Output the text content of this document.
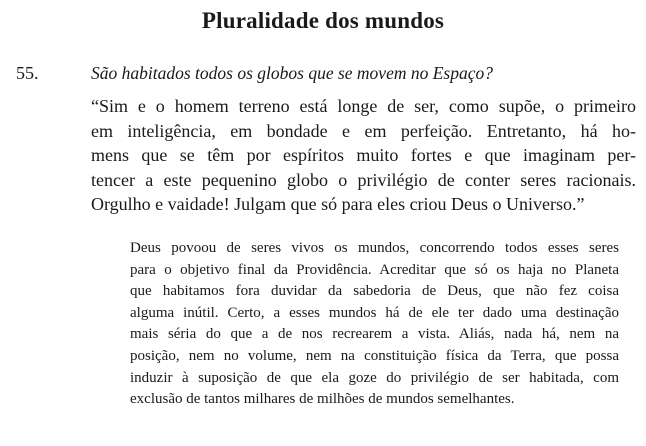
Pluralidade dos mundos
55.	São habitados todos os globos que se movem no Espaço?
“Sim e o homem terreno está longe de ser, como supõe, o primeiro
em inteligência, em bondade e em perfeição. Entretanto, há ho-
mens que se têm por espíritos muito fortes e que imaginam per-
tencer a este pequenino globo o privilégio de conter seres racionais.
Orgulho e vaidade! Julgam que só para eles criou Deus o Universo.”
Deus povoou de seres vivos os mundos, concorrendo todos esses seres
para o objetivo final da Providência. Acreditar que só os haja no Planeta
que habitamos fora duvidar da sabedoria de Deus, que não fez coisa
alguma inútil. Certo, a esses mundos há de ele ter dado uma destinação
mais séria do que a de nos recrearem a vista. Aliás, nada há, nem na
posição, nem no volume, nem na constituição física da Terra, que possa
induzir à suposição de que ela goze do privilégio de ser habitada, com
exclusão de tantos milhares de milhões de mundos semelhantes.
